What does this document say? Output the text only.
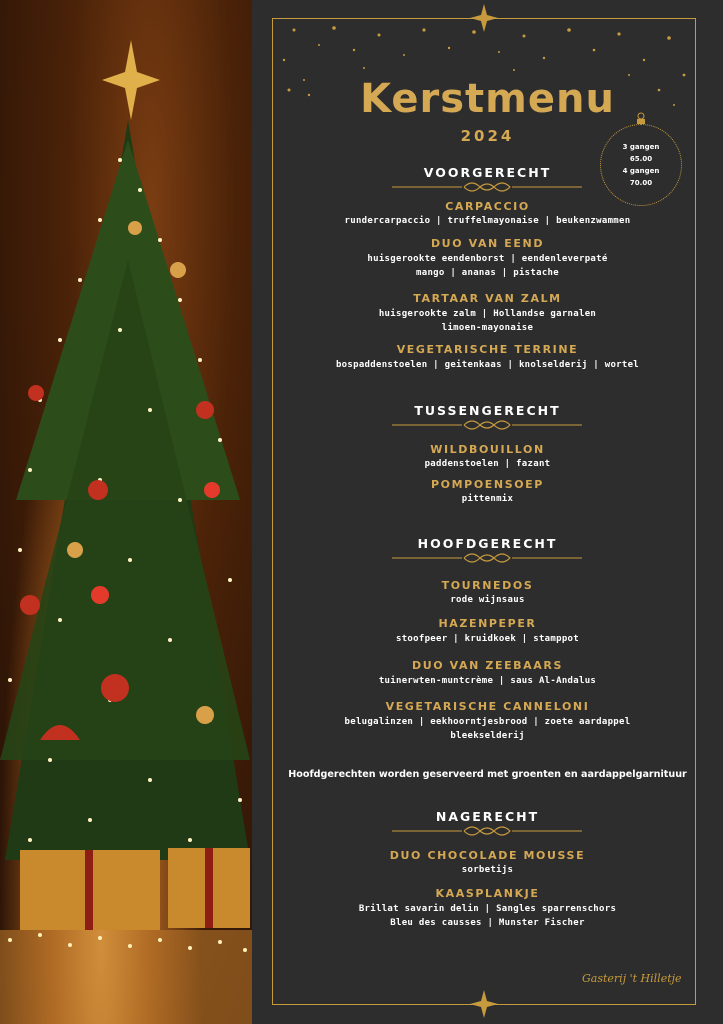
Kerstmenu
2024
3 gangen
65.00
4 gangen
70.00
VOORGERECHT
CARPACCIO
rundercarpaccio | truffelmayonaise | beukenzwammen
DUO VAN EEND
huisgerookte eendenborst | eendenleverpaté
mango | ananas | pistache
TARTAAR VAN ZALM
huisgerookte zalm | Hollandse garnalen
limoen-mayonaise
VEGETARISCHE TERRINE
bospaddenstoelen | geitenkaas | knolselderij | wortel
TUSSENGERECHT
WILDBOUILLON
paddenstoelen | fazant
POMPOENSOEP
pittenmix
HOOFDGERECHT
TOURNEDOS
rode wijnsaus
HAZENPEPER
stoofpeer | kruidkoek | stamppot
DUO VAN ZEEBAARS
tuinerwten-muntcrème | saus Al-Andalus
VEGETARISCHE CANNELONI
belugalinzen | eekhoorntjesbrood | zoete aardappel
bleekselderij
Hoofdgerechten worden geserveerd met groenten en aardappelgarnituur
NAGERECHT
DUO CHOCOLADE MOUSSE
sorbetijs
KAASPLANKJE
Brillat savarin delin | Sangles sparrenschors
Bleu des causses | Munster Fischer
Gasterij 't Hilletje
